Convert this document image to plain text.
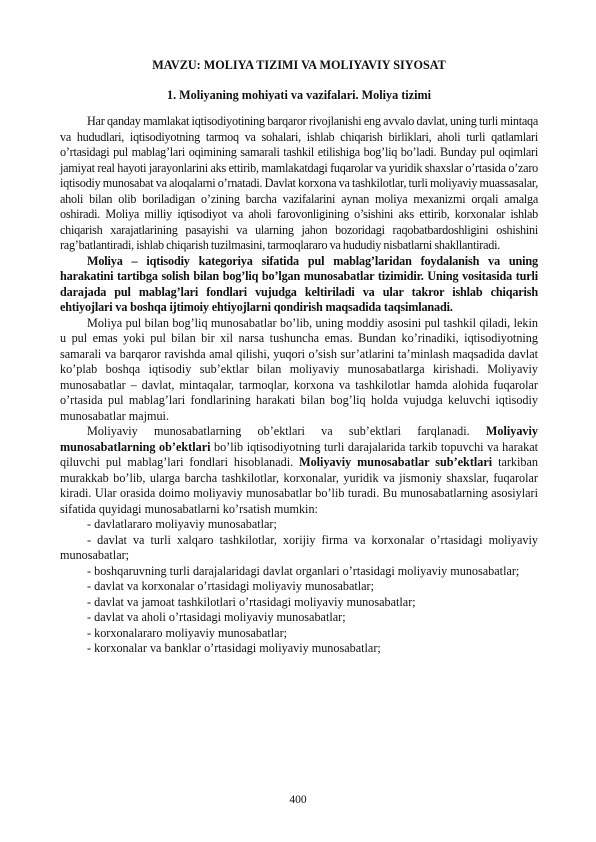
MAVZU: MOLIYA TIZIMI VA MOLIYAVIY SIYOSAT
1. Moliyaning mohiyati va vazifalari. Moliya tizimi

Har qanday mamlakat iqtisodiyotining barqaror rivojlanishi eng avvalo davlat, uning turli mintaqa va hududlari, iqtisodiyotning tarmoq va sohalari, ishlab chiqarish birliklari, aholi turli qatlamlari o’rtasidagi pul mablag’lari oqimining samarali tashkil etilishiga bog’liq bo’ladi. Bunday pul oqimlari jamiyat real hayoti jarayonlarini aks ettirib, mamlakatdagi fuqarolar va yuridik shaxslar o’rtasida o’zaro iqtisodiy munosabat va aloqalarni o’rnatadi. Davlat korxona va tashkilotlar, turli moliyaviy muassasalar, aholi bilan olib boriladigan o’zining barcha vazifalarini aynan moliya mexanizmi orqali amalga oshiradi. Moliya milliy iqtisodiyot va aholi farovonligining o’sishini aks ettirib, korxonalar ishlab chiqarish xarajatlarining pasayishi va ularning jahon bozoridagi raqobatbardoshligini oshishini rag’batlantiradi, ishlab chiqarish tuzilmasini, tarmoqlararo va hududiy nisbatlarni shakllantiradi.

Moliya – iqtisodiy kategoriya sifatida pul mablag’laridan foydalanish va uning harakatini tartibga solish bilan bog’liq bo’lgan munosabatlar tizimidir. Uning vositasida turli darajada pul mablag’lari fondlari vujudga keltiriladi va ular takror ishlab chiqarish ehtiyojlari va boshqa ijtimoiy ehtiyojlarni qondirish maqsadida taqsimlanadi.

Moliya pul bilan bog’liq munosabatlar bo’lib, uning moddiy asosini pul tashkil qiladi, lekin u pul emas yoki pul bilan bir xil narsa tushuncha emas. Bundan ko’rinadiki, iqtisodiyotning samarali va barqaror ravishda amal qilishi, yuqori o’sish sur’atlarini ta’minlash maqsadida davlat ko’plab boshqa iqtisodiy sub’ektlar bilan moliyaviy munosabatlarga kirishadi. Moliyaviy munosabatlar – davlat, mintaqalar, tarmoqlar, korxona va tashkilotlar hamda alohida fuqarolar o’rtasida pul mablag’lari fondlarining harakati bilan bog’liq holda vujudga keluvchi iqtisodiy munosabatlar majmui.

Moliyaviy munosabatlarning ob’ektlari va sub’ektlari farqlanadi. Moliyaviy munosabatlarning ob’ektlari bo’lib iqtisodiyotning turli darajalarida tarkib topuvchi va harakat qiluvchi pul mablag’lari fondlari hisoblanadi. Moliyaviy munosabatlar sub’ektlari tarkiban murakkab bo’lib, ularga barcha tashkilotlar, korxonalar, yuridik va jismoniy shaxslar, fuqarolar kiradi. Ular orasida doimo moliyaviy munosabatlar bo’lib turadi. Bu munosabatlarning asosiylari sifatida quyidagi munosabatlarni ko’rsatish mumkin:

- davlatlararo moliyaviy munosabatlar;

- davlat va turli xalqaro tashkilotlar, xorijiy firma va korxonalar o’rtasidagi moliyaviy munosabatlar;

- boshqaruvning turli darajalaridagi davlat organlari o’rtasidagi moliyaviy munosabatlar;

- davlat va korxonalar o’rtasidagi moliyaviy munosabatlar;

- davlat va jamoat tashkilotlari o’rtasidagi moliyaviy munosabatlar;

- davlat va aholi o’rtasidagi moliyaviy munosabatlar;

- korxonalararo moliyaviy munosabatlar;

- korxonalar va banklar o’rtasidagi moliyaviy munosabatlar;

400
